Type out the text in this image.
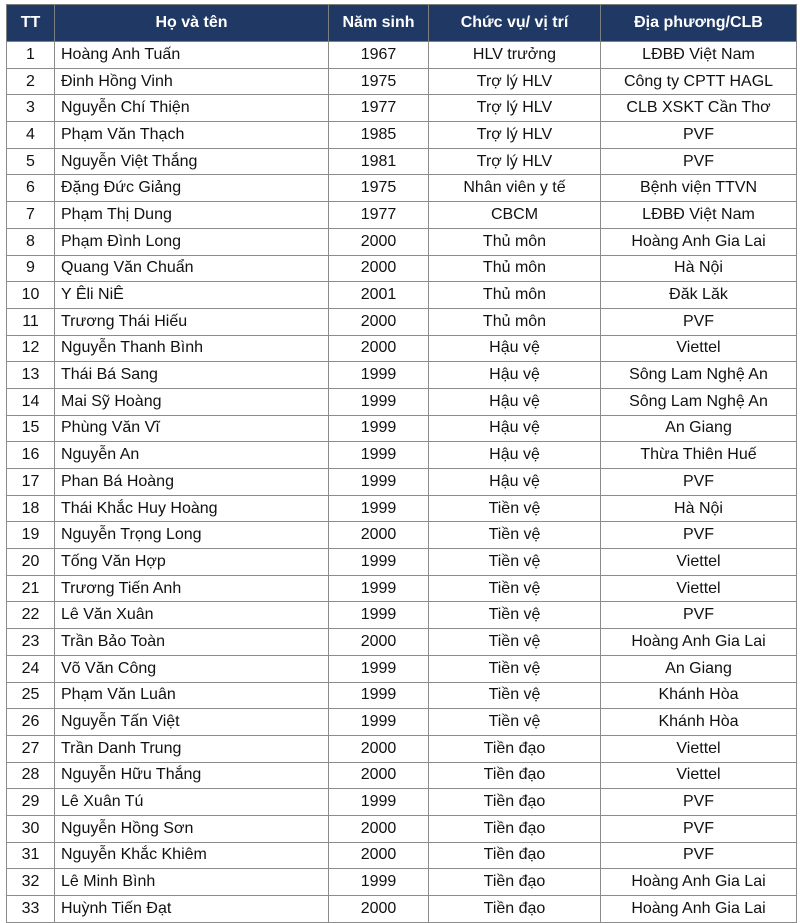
TT	Họ và tên	Năm sinh	Chức vụ/ vị trí	Địa phương/CLB
1	Hoàng Anh Tuấn	1967	HLV trưởng	LĐBĐ Việt Nam
2	Đinh Hồng Vinh	1975	Trợ lý HLV	Công ty CPTT HAGL
3	Nguyễn Chí Thiện	1977	Trợ lý HLV	CLB XSKT Cần Thơ
4	Phạm Văn Thạch	1985	Trợ lý HLV	PVF
5	Nguyễn Việt Thắng	1981	Trợ lý HLV	PVF
6	Đặng Đức Giảng	1975	Nhân viên y tế	Bệnh viện TTVN
7	Phạm Thị Dung	1977	CBCM	LĐBĐ Việt Nam
8	Phạm Đình Long	2000	Thủ môn	Hoàng Anh Gia Lai
9	Quang Văn Chuẩn	2000	Thủ môn	Hà Nội
10	Y Êli NiÊ	2001	Thủ môn	Đăk Lăk
11	Trương Thái Hiếu	2000	Thủ môn	PVF
12	Nguyễn Thanh Bình	2000	Hậu vệ	Viettel
13	Thái Bá Sang	1999	Hậu vệ	Sông Lam Nghệ An
14	Mai Sỹ Hoàng	1999	Hậu vệ	Sông Lam Nghệ An
15	Phùng Văn Vĩ	1999	Hậu vệ	An Giang
16	Nguyễn An	1999	Hậu vệ	Thừa Thiên Huế
17	Phan Bá Hoàng	1999	Hậu vệ	PVF
18	Thái Khắc Huy Hoàng	1999	Tiền vệ	Hà Nội
19	Nguyễn Trọng Long	2000	Tiền vệ	PVF
20	Tống Văn Hợp	1999	Tiền vệ	Viettel
21	Trương Tiến Anh	1999	Tiền vệ	Viettel
22	Lê Văn Xuân	1999	Tiền vệ	PVF
23	Trần Bảo Toàn	2000	Tiền vệ	Hoàng Anh Gia Lai
24	Võ Văn Công	1999	Tiền vệ	An Giang
25	Phạm Văn Luân	1999	Tiền vệ	Khánh Hòa
26	Nguyễn Tấn Việt	1999	Tiền vệ	Khánh Hòa
27	Trần Danh Trung	2000	Tiền đạo	Viettel
28	Nguyễn Hữu Thắng	2000	Tiền đạo	Viettel
29	Lê Xuân Tú	1999	Tiền đạo	PVF
30	Nguyễn Hồng Sơn	2000	Tiền đạo	PVF
31	Nguyễn Khắc Khiêm	2000	Tiền đạo	PVF
32	Lê Minh Bình	1999	Tiền đạo	Hoàng Anh Gia Lai
33	Huỳnh Tiến Đạt	2000	Tiền đạo	Hoàng Anh Gia Lai
